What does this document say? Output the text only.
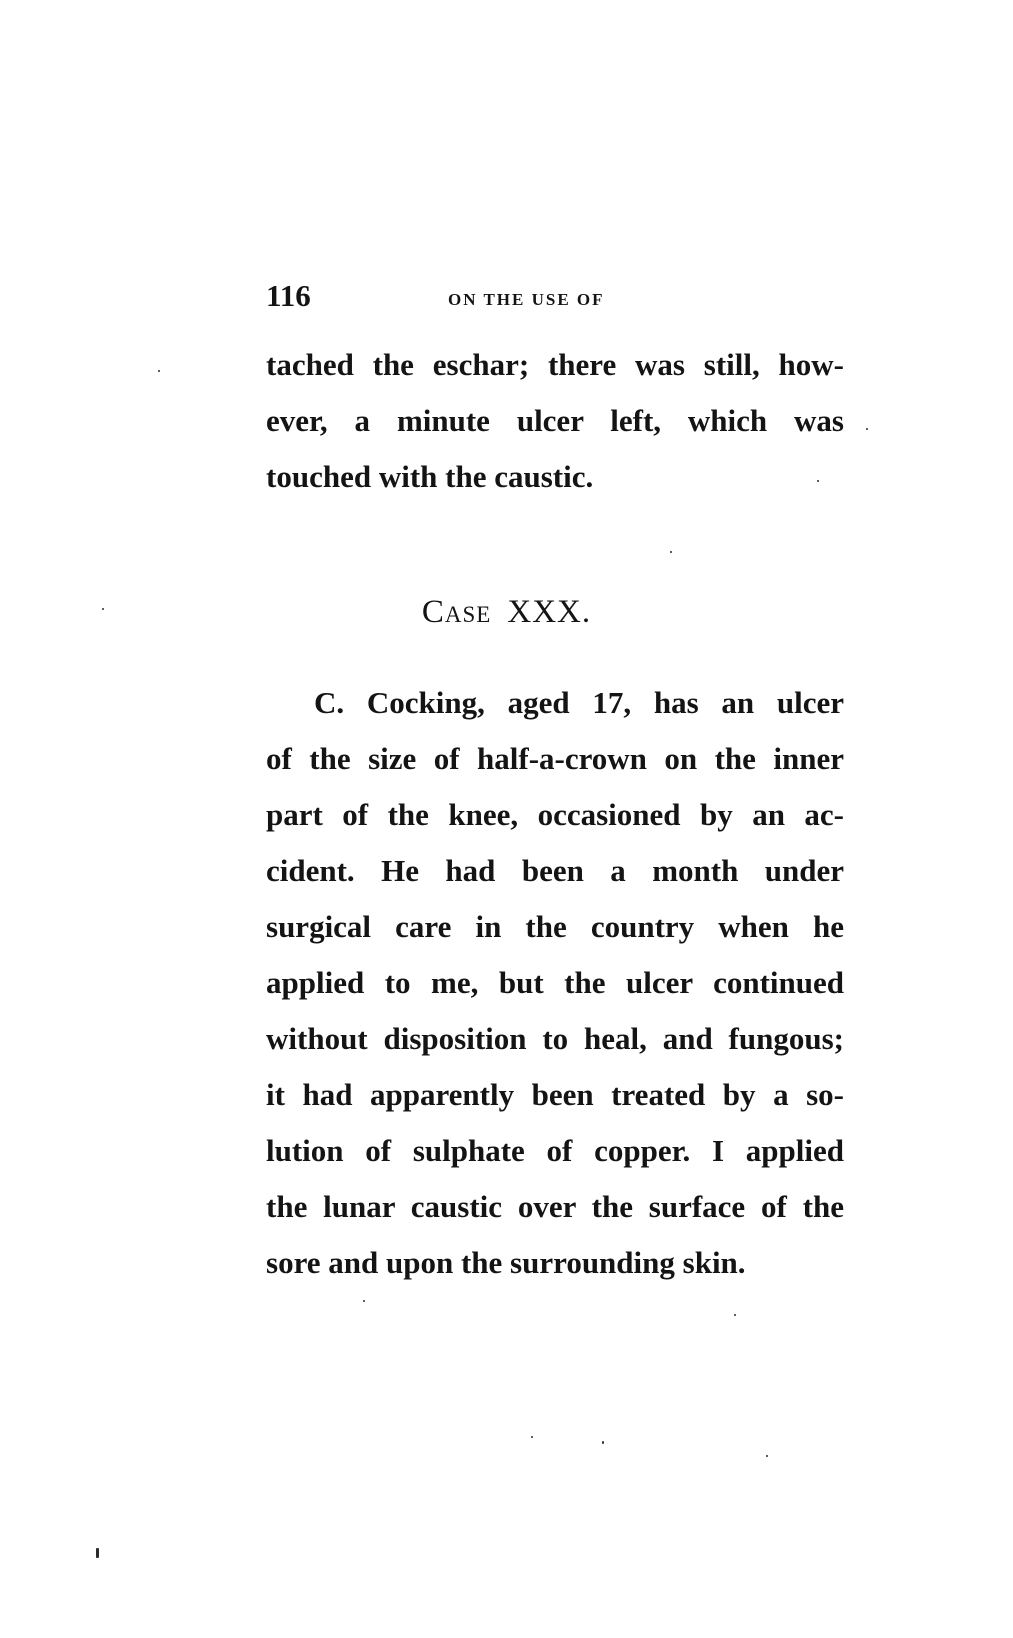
116	ON THE USE OF
tached the eschar; there was still, how-
ever, a minute ulcer left, which was
touched with the caustic.
Case XXX.
C. Cocking, aged 17, has an ulcer
of the size of half-a-crown on the inner
part of the knee, occasioned by an ac-
cident. He had been a month under
surgical care in the country when he
applied to me, but the ulcer continued
without disposition to heal, and fungous;
it had apparently been treated by a so-
lution of sulphate of copper. I applied
the lunar caustic over the surface of the
sore and upon the surrounding skin.
